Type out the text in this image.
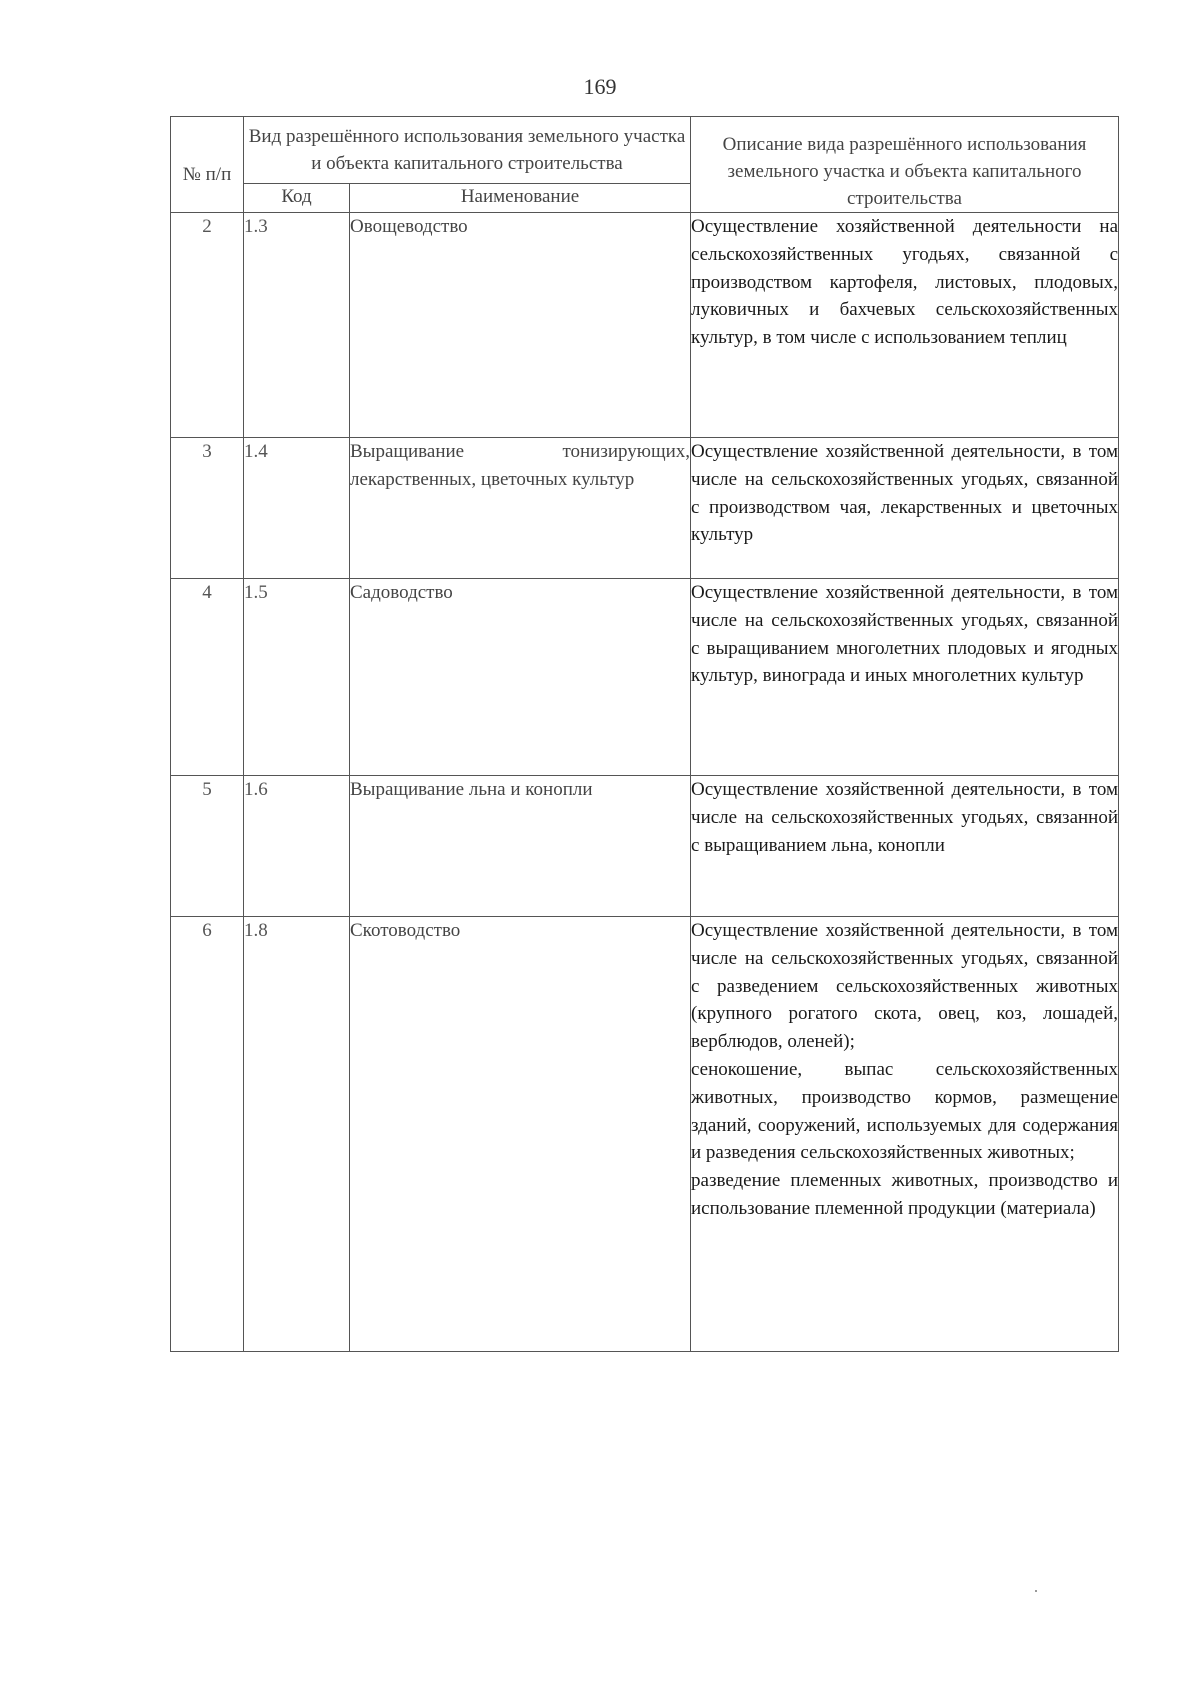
169
№ п/п	Вид разрешённого использования земельного участка и объекта капитального строительства		Описание вида разрешённого использования земельного участка и объекта капитального строительства
	Код	Наименование	
2	1.3	Овощеводство	Осуществление хозяйственной деятельности на сельскохозяйственных угодьях, связанной с производством картофеля, листовых, плодовых, луковичных и бахчевых сельскохозяйственных культур, в том числе с использованием теплиц

3	1.4	Выращивание тонизирующих, лекарственных, цветочных культур	Осуществление хозяйственной деятельности, в том числе на сельскохозяйственных угодьях, связанной с производством чая, лекарственных и цветочных культур

4	1.5	Садоводство	Осуществление хозяйственной деятельности, в том числе на сельскохозяйственных угодьях, связанной с выращиванием многолетних плодовых и ягодных культур, винограда и иных многолетних культур

5	1.6	Выращивание льна и конопли	Осуществление хозяйственной деятельности, в том числе на сельскохозяйственных угодьях, связанной с выращиванием льна, конопли

6	1.8	Скотоводство	Осуществление хозяйственной деятельности, в том числе на сельскохозяйственных угодьях, связанной с разведением сельскохозяйственных животных (крупного рогатого скота, овец, коз, лошадей, верблюдов, оленей);
сенокошение, выпас сельскохозяйственных животных, производство кормов, размещение зданий, сооружений, используемых для содержания и разведения сельскохозяйственных животных;
разведение племенных животных, производство и использование племенной продукции (материала)
